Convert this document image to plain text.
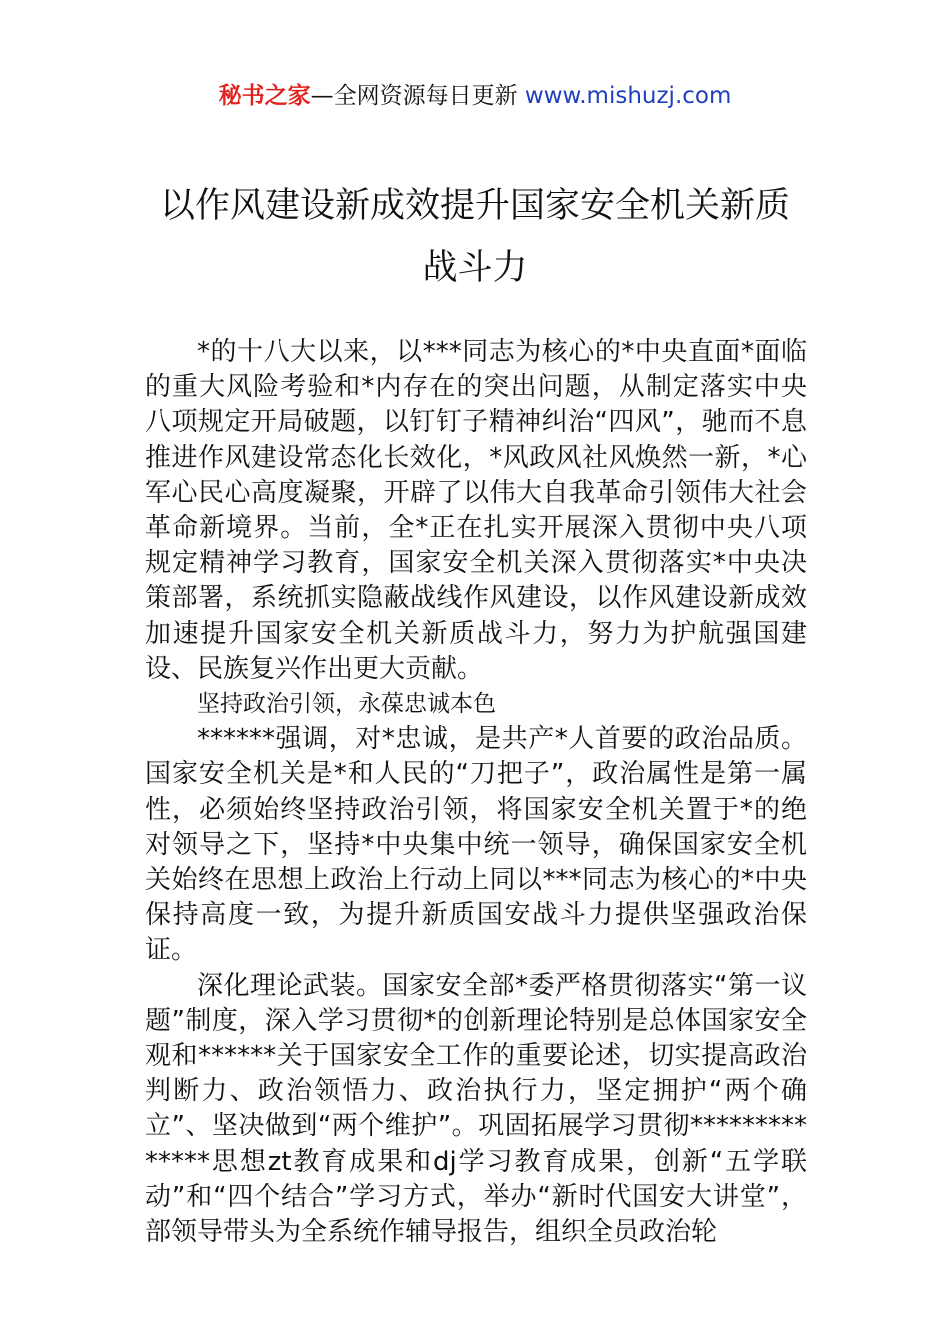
秘书之家—全网资源每日更新 www.mishuzj.com
以作风建设新成效提升国家安全机关新质战斗力

*的十八大以来，以***同志为核心的*中央直面*面临的重大风险考验和*内存在的突出问题，从制定落实中央八项规定开局破题，以钉钉子精神纠治“四风”，驰而不息推进作风建设常态化长效化，*风政风社风焕然一新，*心军心民心高度凝聚，开辟了以伟大自我革命引领伟大社会革命新境界。当前，全*正在扎实开展深入贯彻中央八项规定精神学习教育，国家安全机关深入贯彻落实*中央决策部署，系统抓实隐蔽战线作风建设，以作风建设新成效加速提升国家安全机关新质战斗力，努力为护航强国建设、民族复兴作出更大贡献。

坚持政治引领，永葆忠诚本色

******强调，对*忠诚，是共产*人首要的政治品质。国家安全机关是*和人民的“刀把子”，政治属性是第一属性，必须始终坚持政治引领，将国家安全机关置于*的绝对领导之下，坚持*中央集中统一领导，确保国家安全机关始终在思想上政治上行动上同以***同志为核心的*中央保持高度一致，为提升新质国安战斗力提供坚强政治保证。

深化理论武装。国家安全部*委严格贯彻落实“第一议题”制度，深入学习贯彻*的创新理论特别是总体国家安全观和******关于国家安全工作的重要论述，切实提高政治判断力、政治领悟力、政治执行力，坚定拥护“两个确立”、坚决做到“两个维护”。巩固拓展学习贯彻**************思想zt教育成果和dj学习教育成果，创新“五学联动”和“四个结合”学习方式，举办“新时代国安大讲堂”，部领导带头为全系统作辅导报告，组织全员政治轮
